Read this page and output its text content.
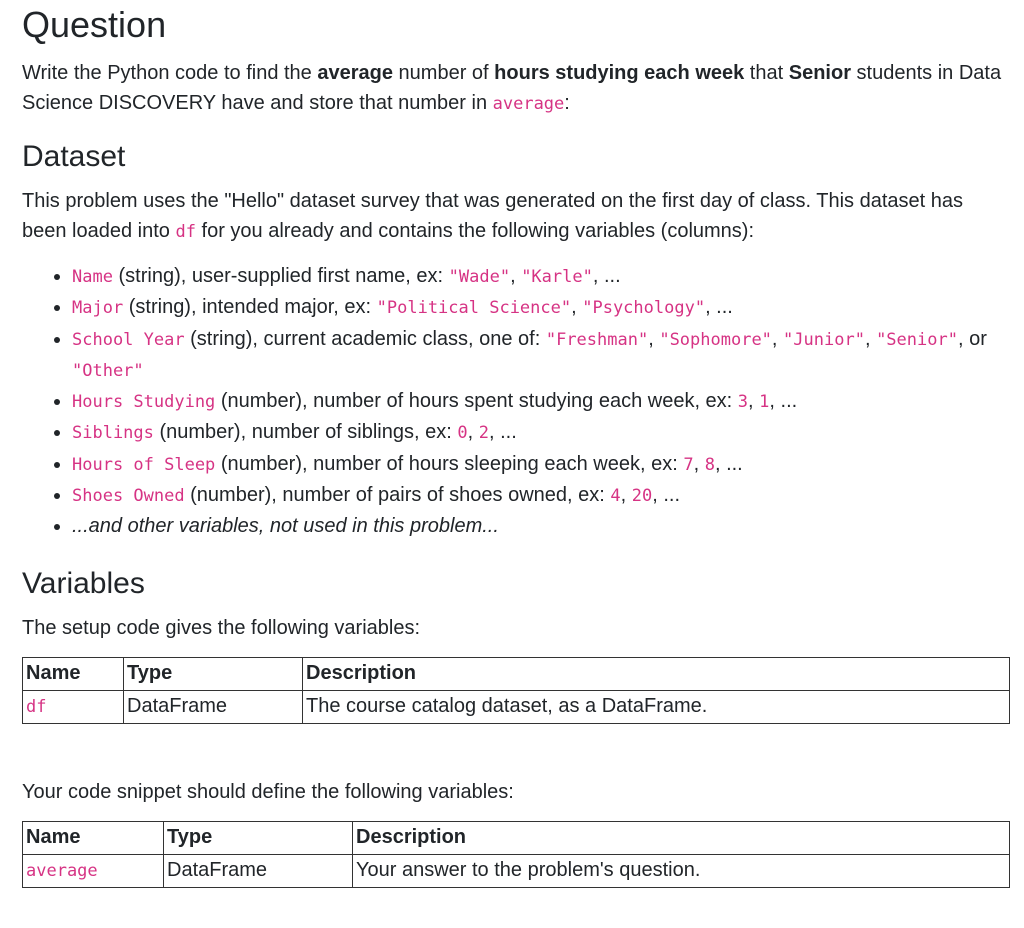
Question

Write the Python code to find the average number of hours studying each week that Senior students in Data Science DISCOVERY have and store that number in average:

Dataset

This problem uses the "Hello" dataset survey that was generated on the first day of class. This dataset has been loaded into df for you already and contains the following variables (columns):

• Name (string), user-supplied first name, ex: "Wade", "Karle", ...
• Major (string), intended major, ex: "Political Science", "Psychology", ...
• School Year (string), current academic class, one of: "Freshman", "Sophomore", "Junior", "Senior", or "Other"
• Hours Studying (number), number of hours spent studying each week, ex: 3, 1, ...
• Siblings (number), number of siblings, ex: 0, 2, ...
• Hours of Sleep (number), number of hours sleeping each week, ex: 7, 8, ...
• Shoes Owned (number), number of pairs of shoes owned, ex: 4, 20, ...
• ...and other variables, not used in this problem...
Variables

The setup code gives the following variables:

Name	Type	Description
df	DataFrame	The course catalog dataset, as a DataFrame.

Your code snippet should define the following variables:

Name	Type	Description
average	DataFrame	Your answer to the problem's question.
